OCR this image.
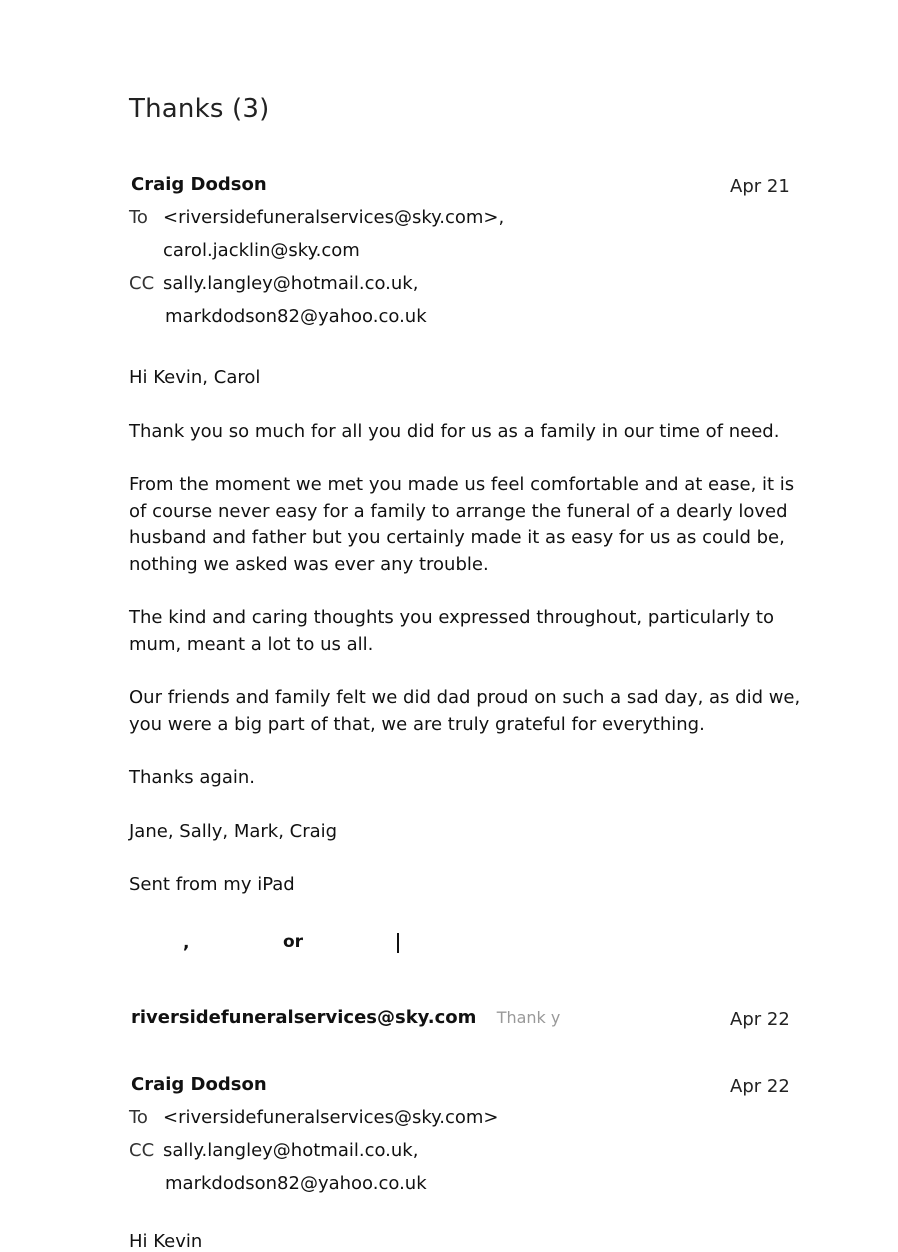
Thanks (3)
Craig Dodson	Apr 21
To <riversidefuneralservices@sky.com>,
carol.jacklin@sky.com
CC sally.langley@hotmail.co.uk,
markdodson82@yahoo.co.uk

Hi Kevin, Carol

Thank you so much for all you did for us as a family in our time of need.

From the moment we met you made us feel comfortable and at ease, it is of course never easy for a family to arrange the funeral of a dearly loved husband and father but you certainly made it as easy for us as could be, nothing we asked was ever any trouble.

The kind and caring thoughts you expressed throughout, particularly to mum, meant a lot to us all.

Our friends and family felt we did dad proud on such a sad day, as did we, you were a big part of that, we are truly grateful for everything.

Thanks again.

Jane, Sally, Mark, Craig

Sent from my iPad

,	or
riversidefuneralservices@sky.com Thank y	Apr 22
Craig Dodson	Apr 22
To <riversidefuneralservices@sky.com>
CC sally.langley@hotmail.co.uk,
markdodson82@yahoo.co.uk
Hi Kevin
